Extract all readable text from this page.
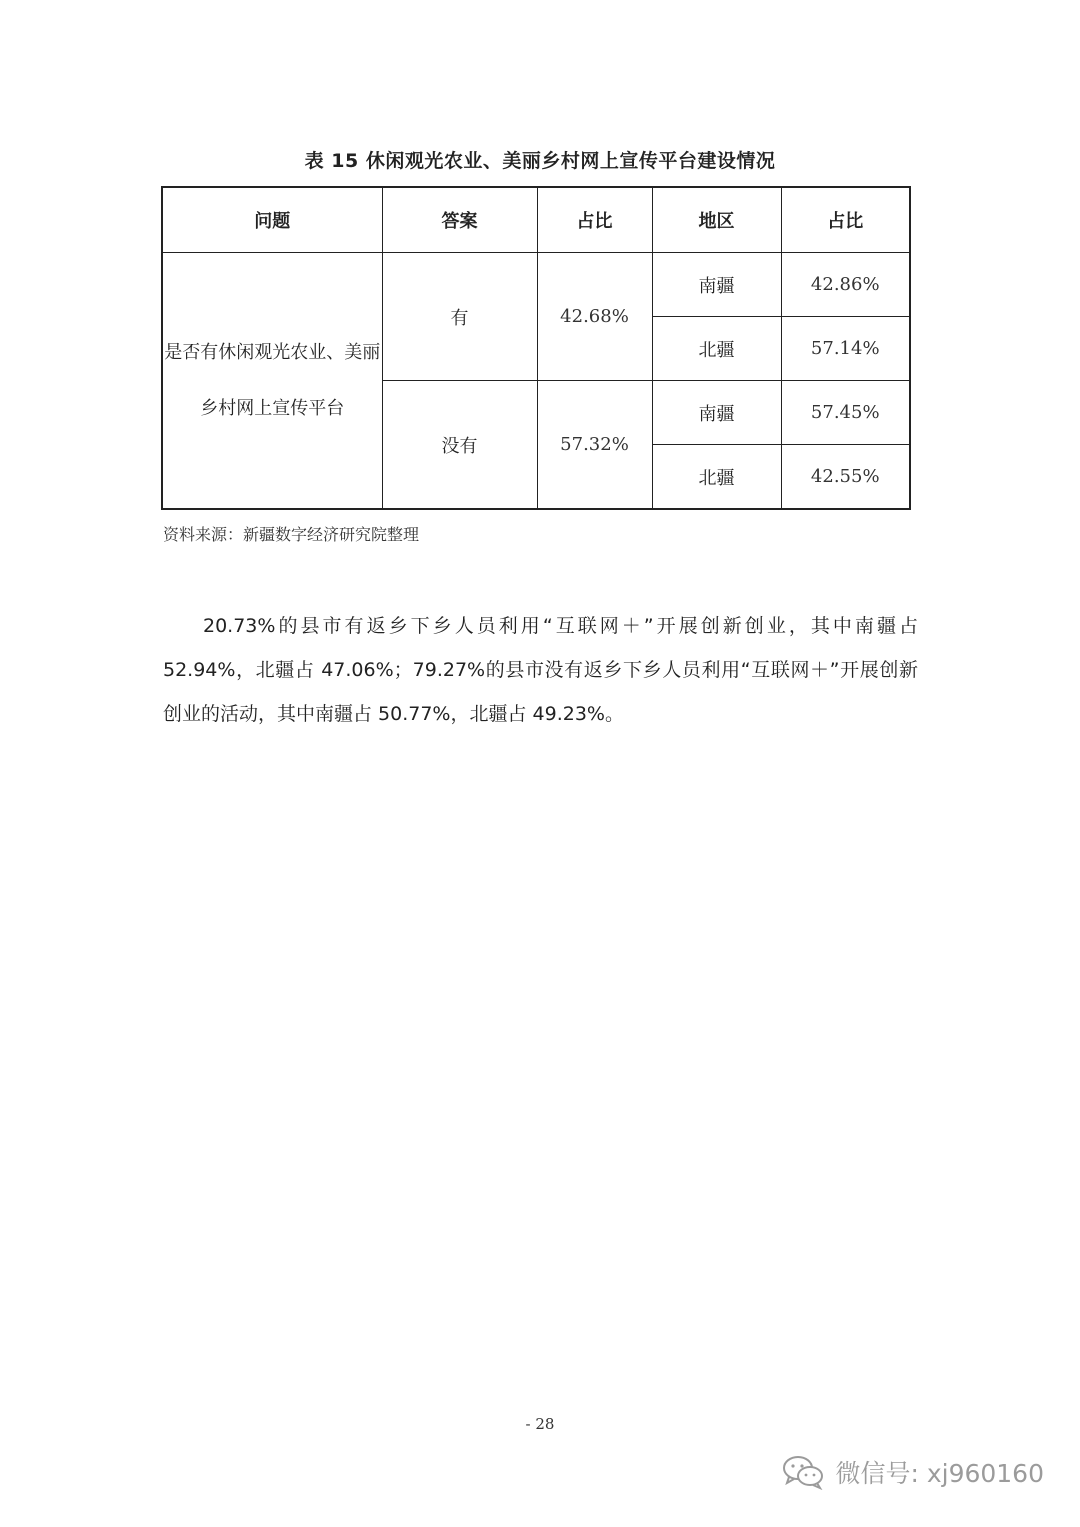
表 15 休闲观光农业、美丽乡村网上宣传平台建设情况
问题	答案	占比	地区	占比
是否有休闲观光农业、美丽乡村网上宣传平台	有	42.68%	南疆	42.86%
			北疆	57.14%
	没有	57.32%	南疆	57.45%
			北疆	42.55%
资料来源：新疆数字经济研究院整理

20.73%的县市有返乡下乡人员利用“互联网＋”开展创新创业，其中南疆占52.94%，北疆占 47.06%；79.27%的县市没有返乡下乡人员利用“互联网＋”开展创新创业的活动，其中南疆占 50.77%，北疆占 49.23%。

- 28
微信号: xj960160
